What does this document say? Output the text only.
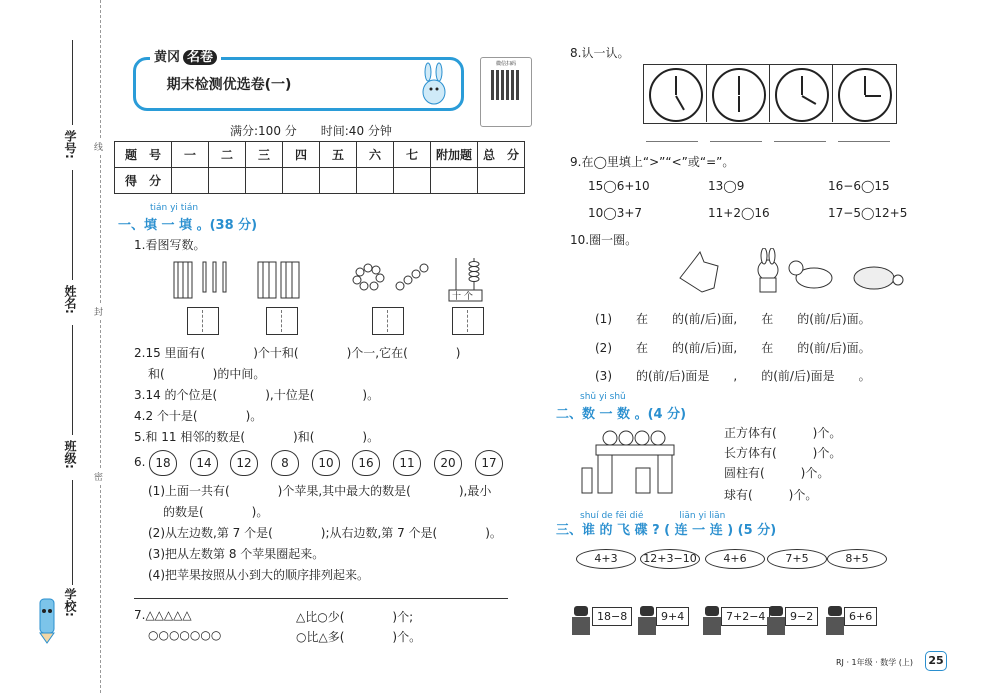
学号:
姓名:
班级:
学校:
线
封
密
黄冈 名卷
期末检测优选卷(一)
微信扫码
满分:100 分　　时间:40 分钟
题　号	一	二	三	四	五	六	七	附加题	总　分
得　分									
tián yi tián
一、填 一 填 。(38 分)
1.看图写数。
十 个
2.15 里面有(　　　　)个十和(　　　　)个一,它在(　　　　)
和(　　　　)的中间。
3.14 的个位是(　　　　),十位是(　　　　)。
4.2 个十是(　　　　)。
5.和 11 相邻的数是(　　　　)和(　　　　)。
6. 18	14	12	8	10	16	11	20	17
(1)上面一共有(　　　　)个苹果,其中最大的数是(　　　　),最小
的数是(　　　　)。
(2)从左边数,第 7 个是(　　　　);从右边数,第 7 个是(　　　　)。
(3)把从左数第 8 个苹果圈起来。
(4)把苹果按照从小到大的顺序排列起来。
7.△△△△△
○○○○○○○
△比○少(　　　　)个;
○比△多(　　　　)个。
8.认一认。
9.在◯里填上“>”“<”或“=”。
15◯6+10	13◯9	16−6◯15
10◯3+7	11+2◯16	17−5◯12+5
10.圈一圈。
(1)　　在　　的(前/后)面,　　在　　的(前/后)面。
(2)　　在　　的(前/后)面,　　在　　的(前/后)面。
(3)　　的(前/后)面是　　,　　的(前/后)面是　　。
shǔ yi shǔ
二、数 一 数 。(4 分)
正方体有(　　　)个。
长方体有(　　　)个。
圆柱有(　　　)个。
球有(　　　)个。
shuí de fēi dié　　　　liān yi liān
三、谁 的 飞 碟 ? ( 连 一 连 ) (5 分)
4+3	12+3−10	4+6	7+5	8+5
18−8	9+4	7+2−4	9−2	6+6
RJ · 1年级 · 数学 (上)	25
